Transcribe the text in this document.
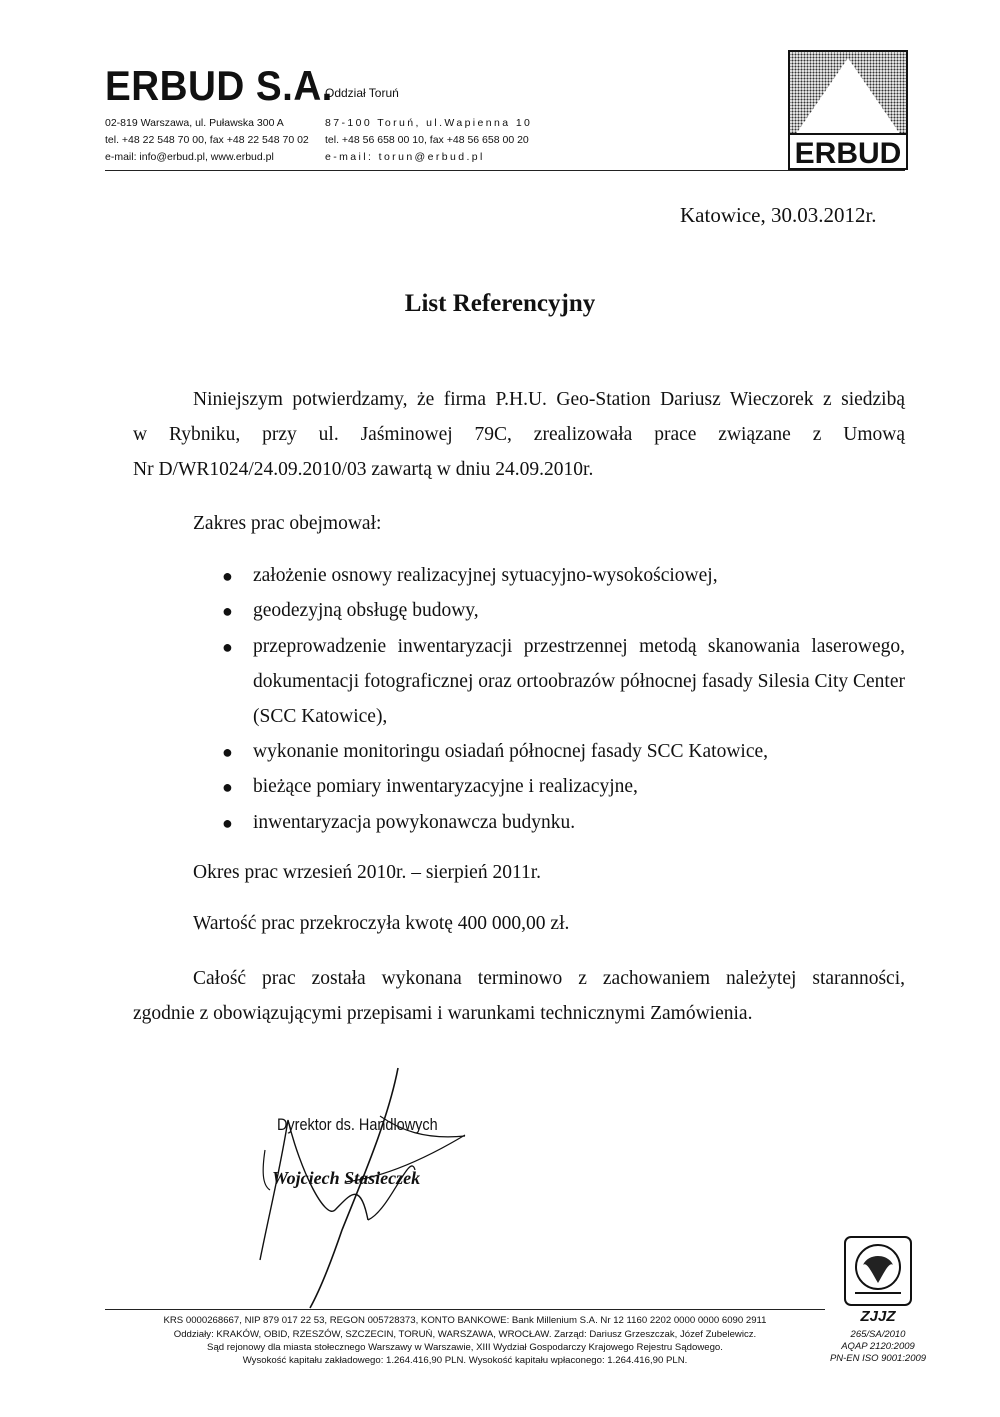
ERBUD S.A.
02-819 Warszawa, ul. Puławska 300 A
tel. +48 22 548 70 00, fax +48 22 548 70 02
e-mail: info@erbud.pl, www.erbud.pl
Oddział Toruń
87-100 Toruń, ul.Wapienna 10
tel. +48 56 658 00 10, fax +48 56 658 00 20
e-mail: torun@erbud.pl	ERBUD
Katowice, 30.03.2012r.
List Referencyjny
Niniejszym potwierdzamy, że firma P.H.U. Geo-Station Dariusz Wieczorek z siedzibą
w Rybniku, przy ul. Jaśminowej 79C, zrealizowała prace związane z Umową
Nr D/WR1024/24.09.2010/03 zawartą w dniu 24.09.2010r.
Zakres prac obejmował:
● założenie osnowy realizacyjnej sytuacyjno-wysokościowej,
● geodezyjną obsługę budowy,
● przeprowadzenie inwentaryzacji przestrzennej metodą skanowania laserowego, dokumentacji fotograficznej oraz ortoobrazów północnej fasady Silesia City Center (SCC Katowice),
● wykonanie monitoringu osiadań północnej fasady SCC Katowice,
● bieżące pomiary inwentaryzacyjne i realizacyjne,
● inwentaryzacja powykonawcza budynku.
Okres prac wrzesień 2010r. – sierpień 2011r.
Wartość prac przekroczyła kwotę 400 000,00 zł.
Całość prac została wykonana terminowo z zachowaniem należytej staranności,
zgodnie z obowiązującymi przepisami i warunkami technicznymi Zamówienia.
Dyrektor ds. Handlowych
Wojciech Stasieczek
KRS 0000268667, NIP 879 017 22 53, REGON 005728373, KONTO BANKOWE: Bank Millenium S.A. Nr 12 1160 2202 0000 0000 6090 2911
Oddziały: KRAKÓW, OBID, RZESZÓW, SZCZECIN, TORUŃ, WARSZAWA, WROCŁAW. Zarząd: Dariusz Grzeszczak, Józef Zubelewicz.
Sąd rejonowy dla miasta stołecznego Warszawy w Warszawie, XIII Wydział Gospodarczy Krajowego Rejestru Sądowego.
Wysokość kapitału zakładowego: 1.264.416,90 PLN. Wysokość kapitału wpłaconego: 1.264.416,90 PLN.
ZJJZ
265/SA/2010
AQAP 2120:2009
PN-EN ISO 9001:2009
